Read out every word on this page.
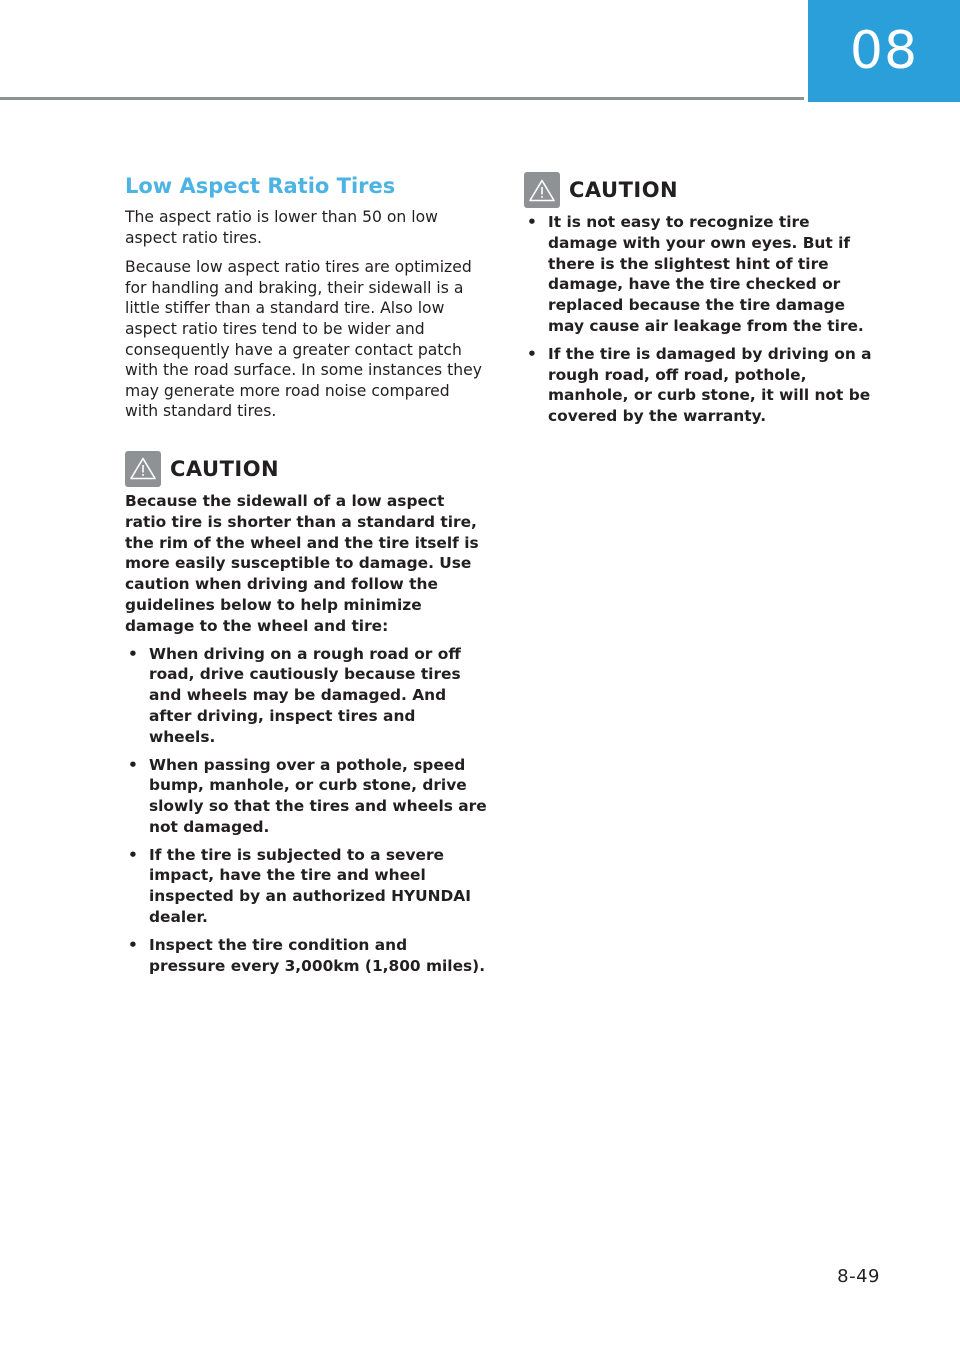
08
Low Aspect Ratio Tires

The aspect ratio is lower than 50 on low aspect ratio tires.

Because low aspect ratio tires are optimized for handling and braking, their sidewall is a little stiffer than a standard tire. Also low aspect ratio tires tend to be wider and consequently have a greater contact patch with the road surface. In some instances they may generate more road noise compared with standard tires.

CAUTION

Because the sidewall of a low aspect ratio tire is shorter than a standard tire, the rim of the wheel and the tire itself is more easily susceptible to damage. Use caution when driving and follow the guidelines below to help minimize damage to the wheel and tire:

• When driving on a rough road or off road, drive cautiously because tires and wheels may be damaged. And after driving, inspect tires and wheels.
• When passing over a pothole, speed bump, manhole, or curb stone, drive slowly so that the tires and wheels are not damaged.
• If the tire is subjected to a severe impact, have the tire and wheel inspected by an authorized HYUNDAI dealer.
• Inspect the tire condition and pressure every 3,000km (1,800 miles).
CAUTION
• It is not easy to recognize tire damage with your own eyes. But if there is the slightest hint of tire damage, have the tire checked or replaced because the tire damage may cause air leakage from the tire.
• If the tire is damaged by driving on a rough road, off road, pothole, manhole, or curb stone, it will not be covered by the warranty.
8-49
